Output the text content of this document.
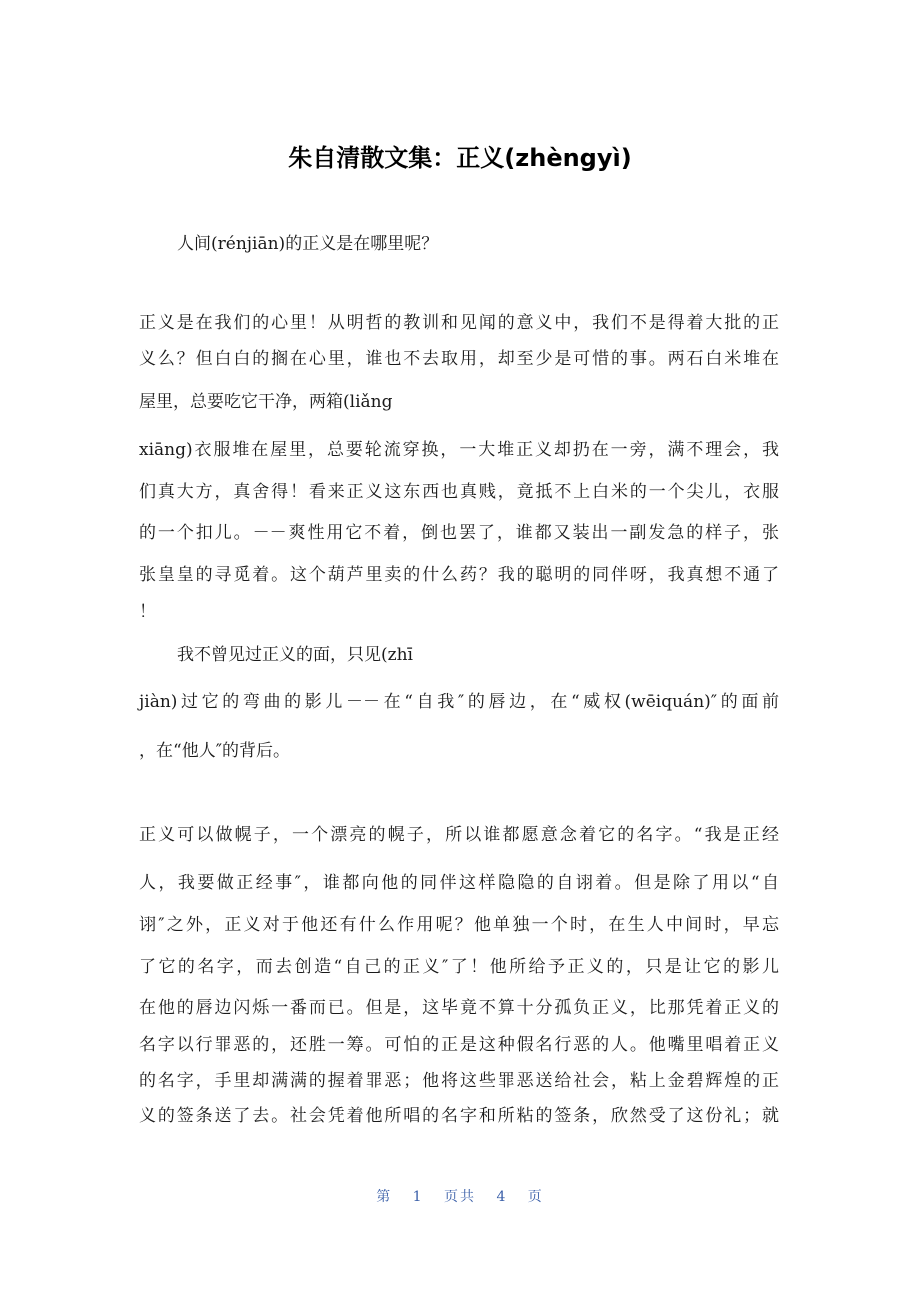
朱自清散文集：正义(zhèngyì)
人间(rénjiān)的正义是在哪里呢？
正义是在我们的心里！从明哲的教训和见闻的意义中，我们不是得着大批的正
义么？但白白的搁在心里，谁也不去取用，却至少是可惜的事。两石白米堆在
屋里，总要吃它干净，两箱(liǎng
xiāng)衣服堆在屋里，总要轮流穿换，一大堆正义却扔在一旁，满不理会，我
们真大方，真舍得！看来正义这东西也真贱，竟抵不上白米的一个尖儿，衣服
的一个扣儿。－－爽性用它不着，倒也罢了，谁都又装出一副发急的样子，张
张皇皇的寻觅着。这个葫芦里卖的什么药？我的聪明的同伴呀，我真想不通了
！
我不曾见过正义的面，只见(zhī
jiàn)过它的弯曲的影儿－－在“自我″的唇边，在“威权(wēiquán)″的面前
，在“他人″的背后。
正义可以做幌子，一个漂亮的幌子，所以谁都愿意念着它的名字。“我是正经
人，我要做正经事″，谁都向他的同伴这样隐隐的自诩着。但是除了用以“自
诩″之外，正义对于他还有什么作用呢？他单独一个时，在生人中间时，早忘
了它的名字，而去创造“自己的正义″了！他所给予正义的，只是让它的影儿
在他的唇边闪烁一番而已。但是，这毕竟不算十分孤负正义，比那凭着正义的
名字以行罪恶的，还胜一筹。可怕的正是这种假名行恶的人。他嘴里唱着正义
的名字，手里却满满的握着罪恶；他将这些罪恶送给社会，粘上金碧辉煌的正
义的签条送了去。社会凭着他所唱的名字和所粘的签条，欣然受了这份礼；就
第 1 页共 4 页
